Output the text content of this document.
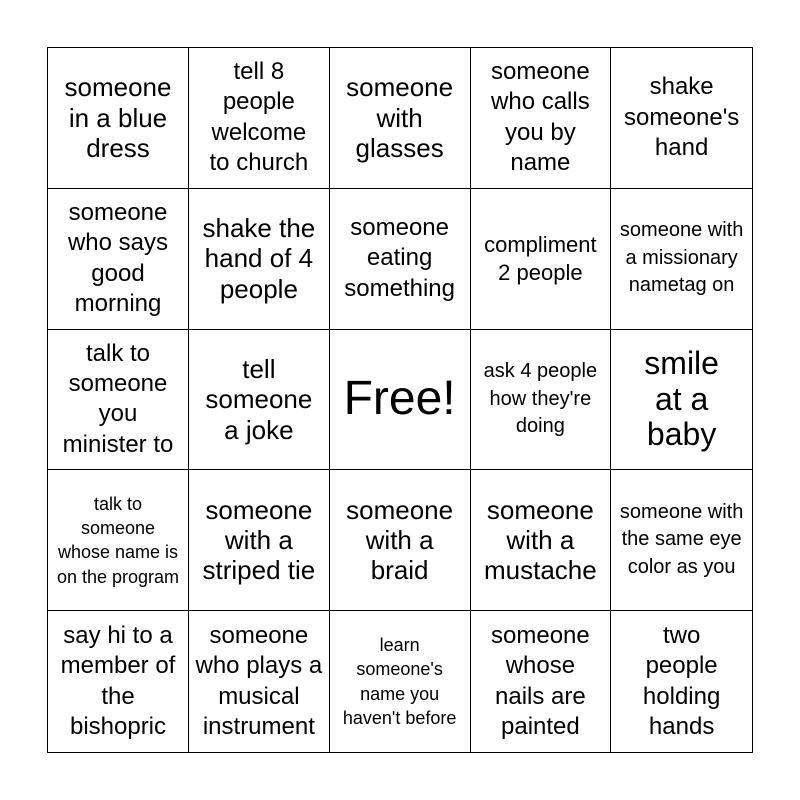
someone in a blue dress
tell 8 people welcome to church
someone with glasses
someone who calls you by name
shake someone's hand
someone who says good morning
shake the hand of 4 people
someone eating something
compliment 2 people
someone with a missionary nametag on
talk to someone you minister to
tell someone a joke
Free!
ask 4 people how they're doing
smile at a baby
talk to someone whose name is on the program
someone with a striped tie
someone with a braid
someone with a mustache
someone with the same eye color as you
say hi to a member of the bishopric
someone who plays a musical instrument
learn someone's name you haven't before
someone whose nails are painted
two people holding hands
